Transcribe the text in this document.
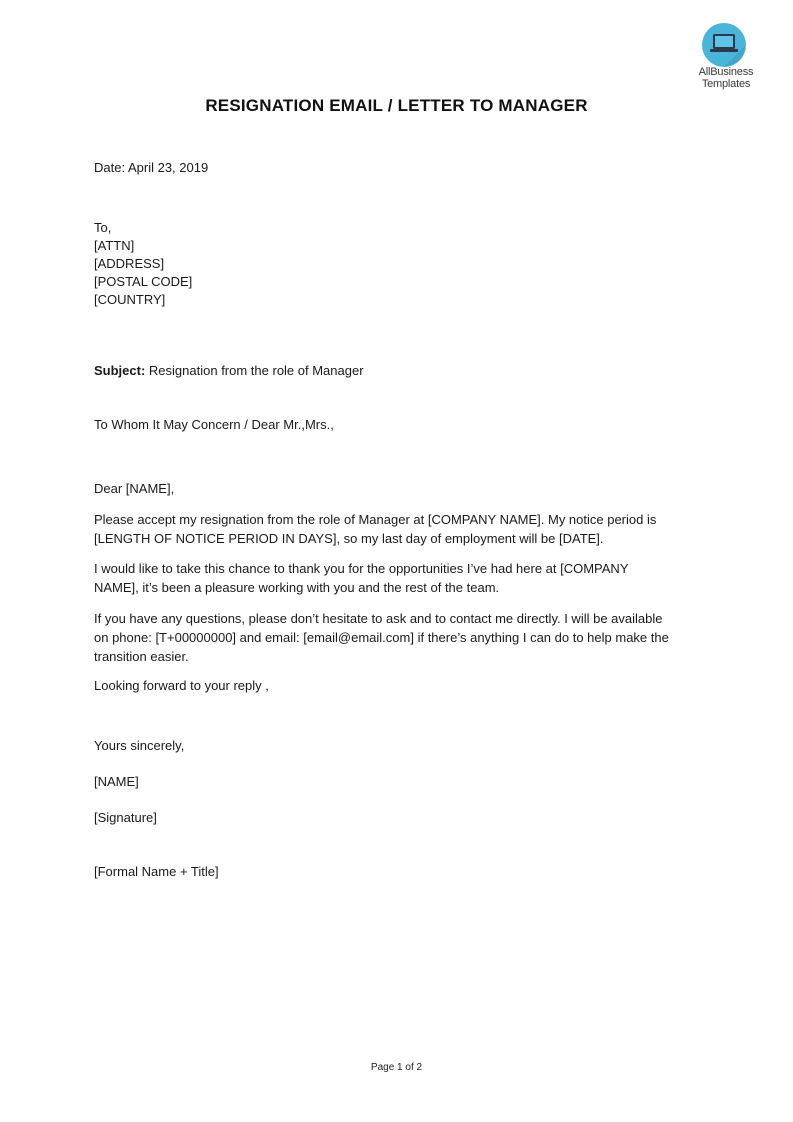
AllBusiness
Templates
RESIGNATION EMAIL / LETTER TO MANAGER
Date: April 23, 2019
To,
[ATTN]
[ADDRESS]
[POSTAL CODE]
[COUNTRY]
Subject: Resignation from the role of Manager
To Whom It May Concern / Dear Mr.,Mrs.,
Dear [NAME],
Please accept my resignation from the role of Manager at [COMPANY NAME]. My notice period is
[LENGTH OF NOTICE PERIOD IN DAYS], so my last day of employment will be [DATE].
I would like to take this chance to thank you for the opportunities I’ve had here at [COMPANY
NAME], it’s been a pleasure working with you and the rest of the team.
If you have any questions, please don’t hesitate to ask and to contact me directly. I will be available
on phone: [T+00000000] and email: [email@email.com] if there’s anything I can do to help make the
transition easier.
Looking forward to your reply ,
Yours sincerely,
[NAME]
[Signature]
[Formal Name + Title]
Page 1 of 2
